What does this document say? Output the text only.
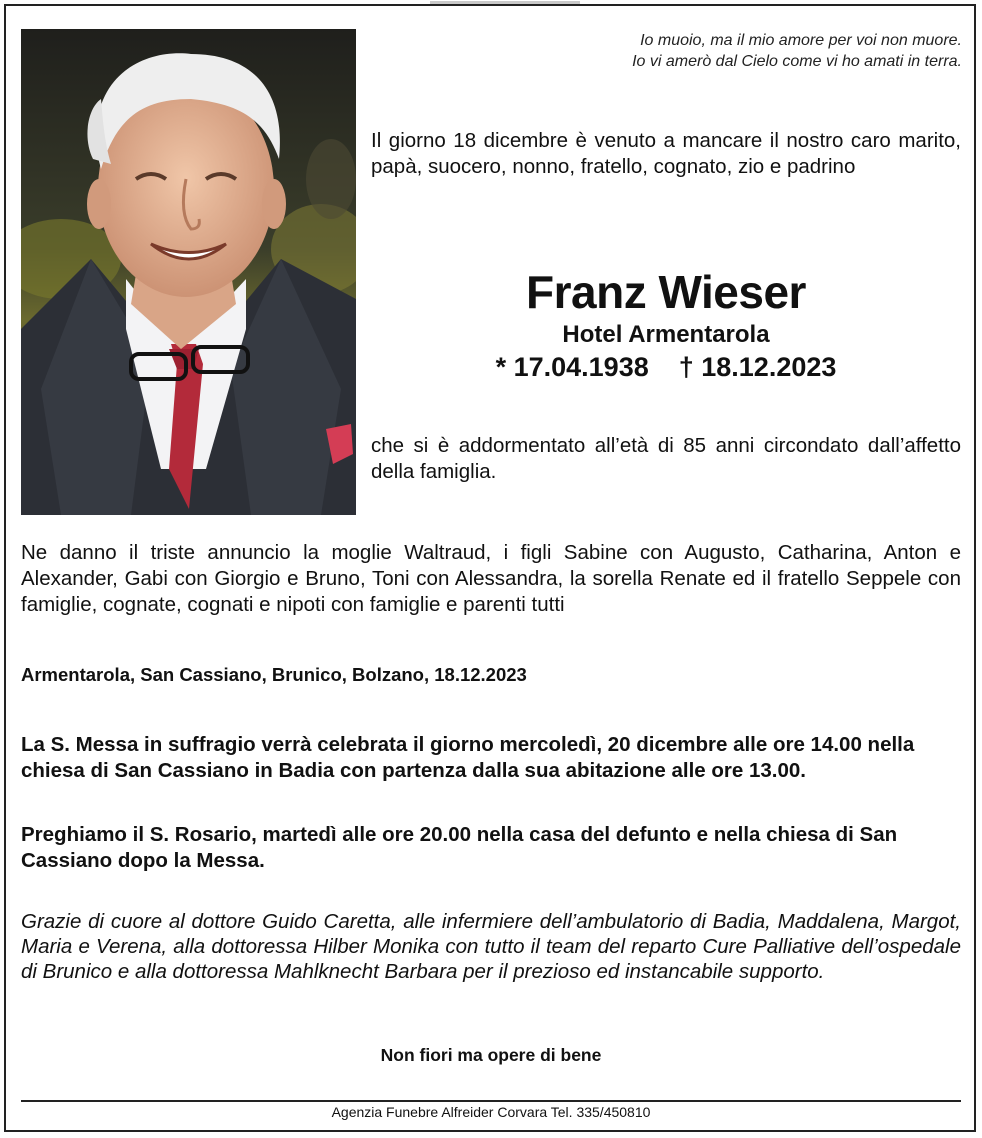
Io muoio, ma il mio amore per voi non muore.
Io vi amerò dal Cielo come vi ho amati in terra.
Il giorno 18 dicembre è venuto a mancare il nostro caro marito, papà, suocero, nonno, fratello, cognato, zio e padrino
Franz Wieser
Hotel Armentarola
* 17.04.1938 † 18.12.2023
che si è addormentato all’età di 85 anni circondato dall’affetto della famiglia.
Ne danno il triste annuncio la moglie Waltraud, i figli Sabine con Augusto, Catharina, Anton e Alexander, Gabi con Giorgio e Bruno, Toni con Alessandra, la sorella Renate ed il fratello Seppele con famiglie, cognate, cognati e nipoti con famiglie e parenti tutti
Armentarola, San Cassiano, Brunico, Bolzano, 18.12.2023
La S. Messa in suffragio verrà celebrata il giorno mercoledì, 20 dicembre alle ore 14.00 nella chiesa di San Cassiano in Badia con partenza dalla sua abitazione alle ore 13.00.
Preghiamo il S. Rosario, martedì alle ore 20.00 nella casa del defunto e nella chiesa di San Cassiano dopo la Messa.
Grazie di cuore al dottore Guido Caretta, alle infermiere dell’ambulatorio di Badia, Maddalena, Margot, Maria e Verena, alla dottoressa Hilber Monika con tutto il team del reparto Cure Palliative dell’ospedale di Brunico e alla dottoressa Mahlknecht Barbara per il prezioso ed instancabile supporto.
Non fiori ma opere di bene
Agenzia Funebre Alfreider Corvara Tel. 335/450810
